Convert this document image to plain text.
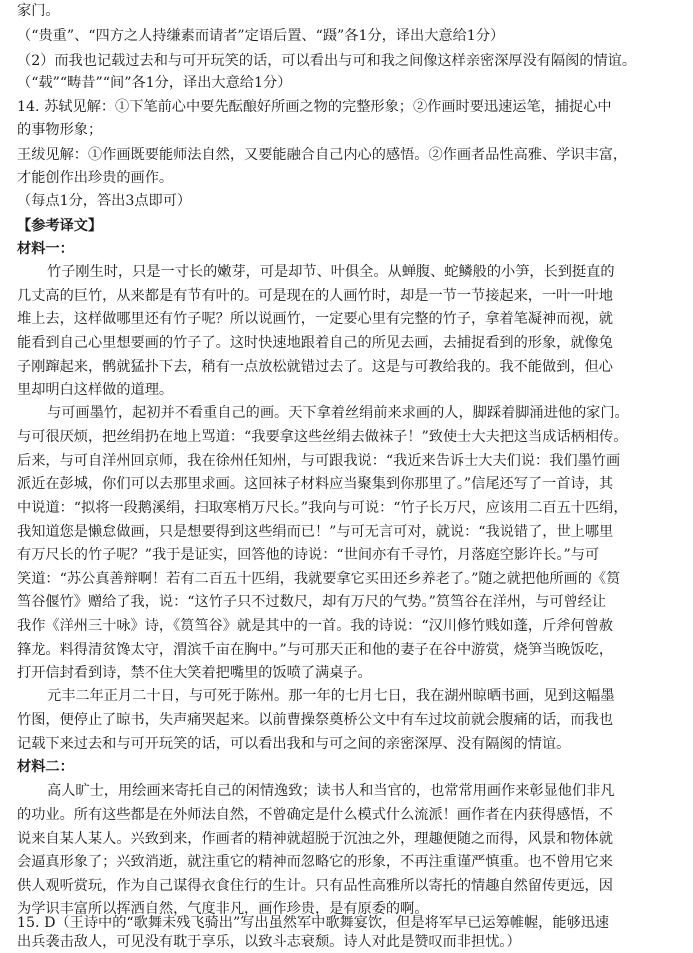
家门。
（“贵重”、“四方之人持缣素而请者”定语后置、“蹑”各1分，译出大意给1分）
（2）而我也记载过去和与可开玩笑的话，可以看出与可和我之间像这样亲密深厚没有隔阂的情谊。
（“载”“畴昔”“间”各1分，译出大意给1分）
14. 苏轼见解：①下笔前心中要先酝酿好所画之物的完整形象；②作画时要迅速运笔，捕捉心中
的事物形象；
王绂见解：①作画既要能师法自然，又要能融合自己内心的感悟。②作画者品性高雅、学识丰富，
才能创作出珍贵的画作。
（每点1分，答出3点即可）
【参考译文】
材料一：
竹子刚生时，只是一寸长的嫩芽，可是却节、叶俱全。从蝉腹、蛇鳞般的小笋，长到挺直的
几丈高的巨竹，从来都是有节有叶的。可是现在的人画竹时，却是一节一节接起来，一叶一叶地
堆上去，这样做哪里还有竹子呢？所以说画竹，一定要心里有完整的竹子，拿着笔凝神而视，就
能看到自己心里想要画的竹子了。这时快速地跟着自己的所见去画，去捕捉看到的形象，就像兔
子刚蹿起来，鹘就猛扑下去，稍有一点放松就错过去了。这是与可教给我的。我不能做到，但心
里却明白这样做的道理。
与可画墨竹，起初并不看重自己的画。天下拿着丝绢前来求画的人，脚踩着脚涌进他的家门。
与可很厌烦，把丝绢扔在地上骂道：“我要拿这些丝绢去做袜子！”致使士大夫把这当成话柄相传。
后来，与可自洋州回京师，我在徐州任知州，与可跟我说：“我近来告诉士大夫们说：我们墨竹画
派近在彭城，你们可以去那里求画。这回袜子材料应当聚集到你那里了。”信尾还写了一首诗，其
中说道：“拟将一段鹅溪绢，扫取寒梢万尺长。”我向与可说：“竹子长万尺，应该用二百五十匹绢，
我知道您是懒怠做画，只是想要得到这些绢而已！”与可无言可对，就说：“我说错了，世上哪里
有万尺长的竹子呢？”我于是证实，回答他的诗说：“世间亦有千寻竹，月落庭空影许长。”与可
笑道：“苏公真善辩啊！若有二百五十匹绢，我就要拿它买田还乡养老了。”随之就把他所画的《筼
筜谷偃竹》赠给了我，说：“这竹子只不过数尺，却有万尺的气势。”筼筜谷在洋州，与可曾经让
我作《洋州三十咏》诗，《筼筜谷》就是其中的一首。我的诗说：“汉川修竹贱如蓬，斤斧何曾赦
箨龙。料得清贫馋太守，渭滨千亩在胸中。”与可那天正和他的妻子在谷中游赏，烧笋当晚饭吃，
打开信封看到诗，禁不住大笑着把嘴里的饭喷了满桌子。
元丰二年正月二十日，与可死于陈州。那一年的七月七日，我在湖州晾晒书画，见到这幅墨
竹图，便停止了晾书，失声痛哭起来。以前曹操祭奠桥公文中有车过坟前就会腹痛的话，而我也
记载下来过去和与可开玩笑的话，可以看出我和与可之间的亲密深厚、没有隔阂的情谊。
材料二：
高人旷士，用绘画来寄托自己的闲情逸致；读书人和当官的，也常常用画作来彰显他们非凡
的功业。所有这些都是在外师法自然，不曾确定是什么模式什么流派！画作者在内获得感悟，不
说来自某人某人。兴致到来，作画者的精神就超脱于沉浊之外，理趣便随之而得，风景和物体就
会逼真形象了；兴致消逝，就注重它的精神而忽略它的形象，不再注重谨严慎重。也不曾用它来
供人观听赏玩，作为自己谋得衣食住行的生计。只有品性高雅所以寄托的情趣自然留传更远，因
为学识丰富所以挥洒自然，气度非凡，画作珍贵，是有原委的啊。
15. D（王诗中的“歌舞未残飞骑出”写出虽然军中歌舞宴饮，但是将军早已运筹帷幄，能够迅速
出兵袭击敌人，可见没有耽于享乐，以致斗志衰颓。诗人对此是赞叹而非担忧。）
